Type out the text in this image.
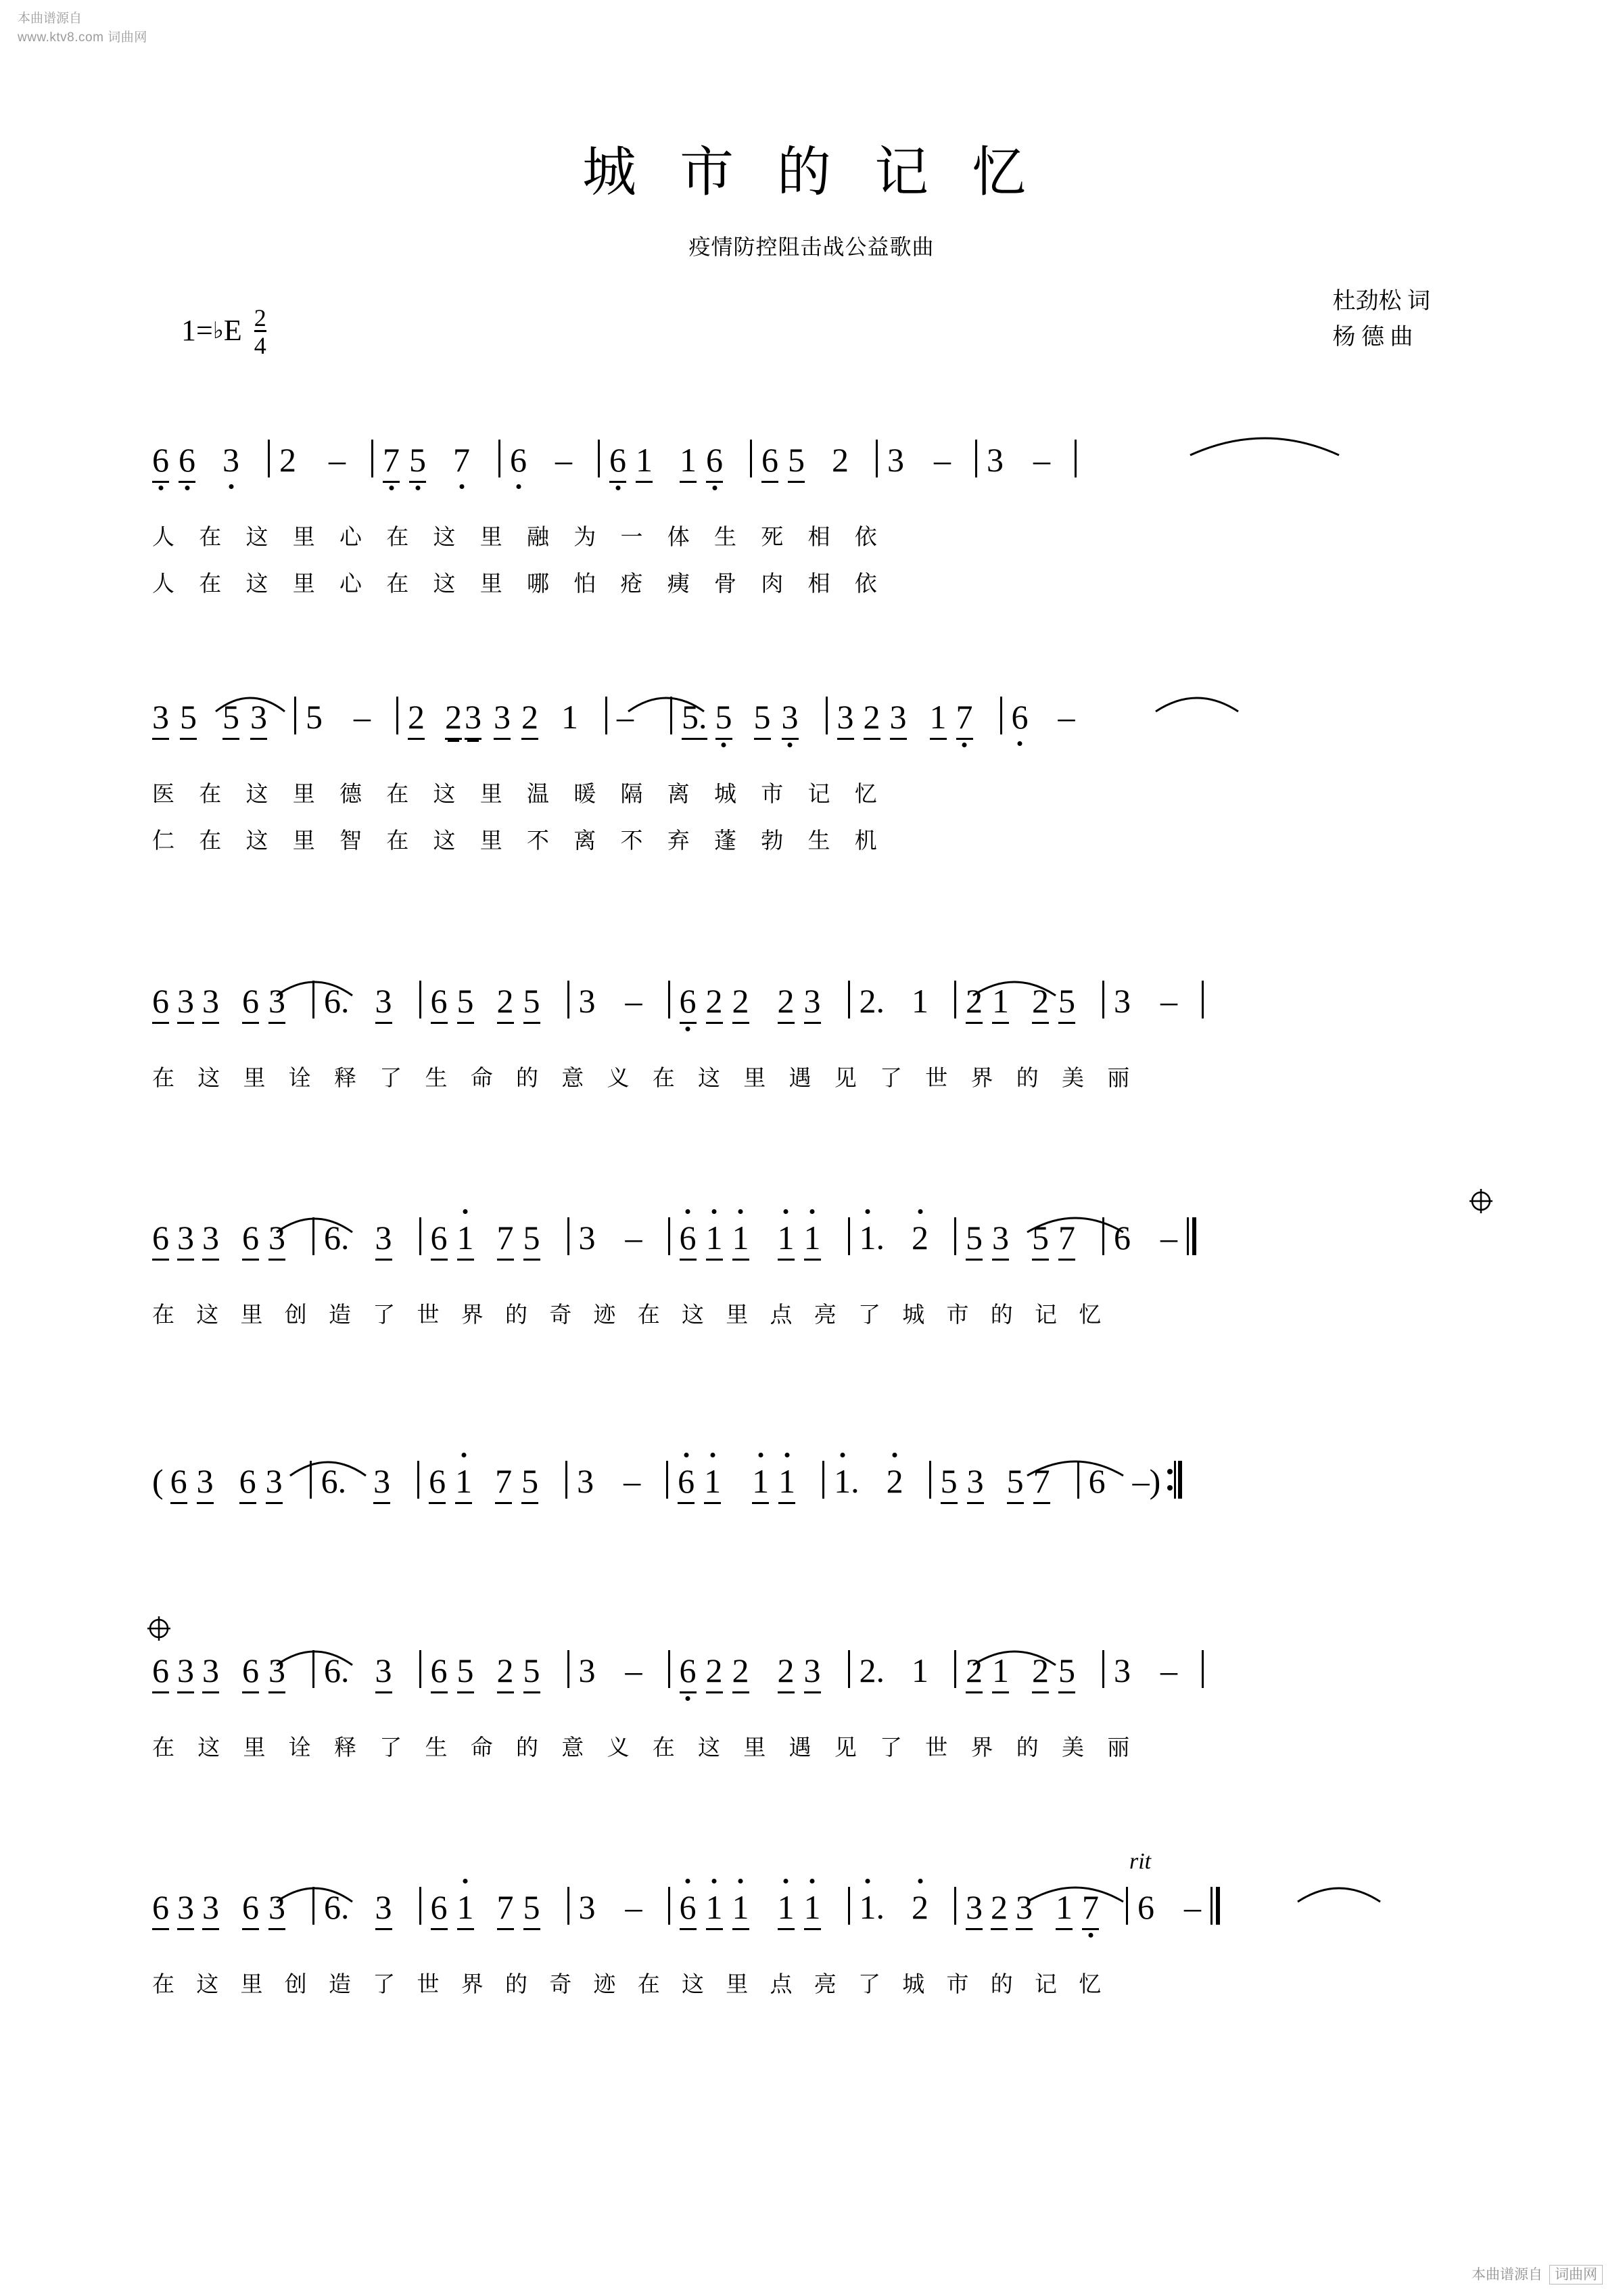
本曲谱源自
www.ktv8.com 词曲网
本曲谱源自 词曲网
城 市 的 记 忆
疫情防控阻击战公益歌曲
杜劲松 词
杨 德 曲
1= ♭ E $\frac{2}{4}$
6 6 3 2 – 7 5 7 6 – 6 1 1 6 6 5 2 3 – 3 –
人 在 这 里 心 在 这 里 融 为 一 体 生 死 相 依
人 在 这 里 心 在 这 里 哪 怕 疮 痍 骨 肉 相 依
3 5 5 3 5 – 2 23 3 2 1 – 5. 5 5 3 3 2 3 1 7 6 –
医 在 这 里 德 在 这 里 温 暖 隔 离 城 市 记 忆
仁 在 这 里 智 在 这 里 不 离 不 弃 蓬 勃 生 机
6 3 3 6 3 6. 3 6 5 2 5 3 – 6 2 2 2 3 2. 1 2 1 2 5 3 –
在 这 里 诠 释 了 生 命 的 意 义 在 这 里 遇 见 了 世 界 的 美 丽
6 3 3 6 3 6. 3 6 1 7 5 3 – 6 1 1 1 1 1. 2 5 3 5 7 6 –
在 这 里 创 造 了 世 界 的 奇 迹 在 这 里 点 亮 了 城 市 的 记 忆
( 6 3 6 3 6. 3 6 1 7 5 3 – 6 1 1 1 1. 2 5 3 5 7 6 –)
6 3 3 6 3 6. 3 6 5 2 5 3 – 6 2 2 2 3 2. 1 2 1 2 5 3 –
在 这 里 诠 释 了 生 命 的 意 义 在 这 里 遇 见 了 世 界 的 美 丽
rit
6 3 3 6 3 6. 3 6 1 7 5 3 – 6 1 1 1 1 1. 2 3 2 3 1 7 6 –
在 这 里 创 造 了 世 界 的 奇 迹 在 这 里 点 亮 了 城 市 的 记 忆
